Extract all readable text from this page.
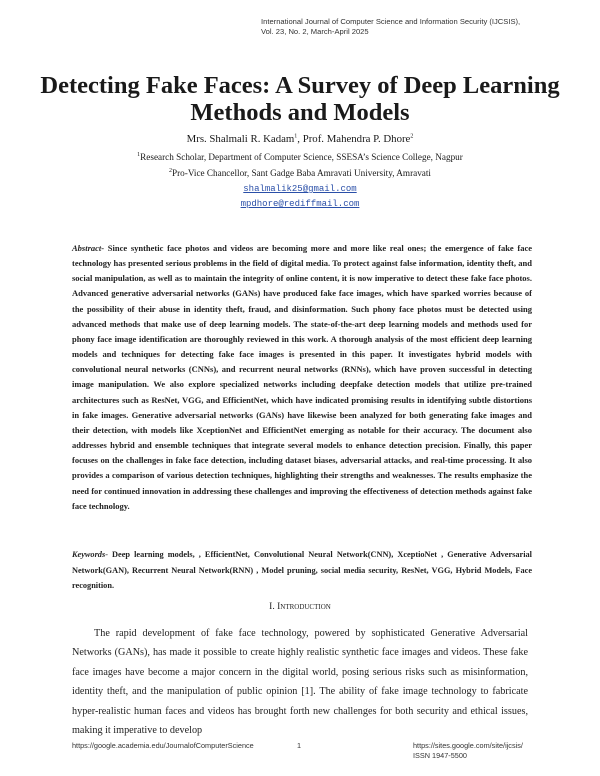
International Journal of Computer Science and Information Security (IJCSIS),
Vol. 23, No. 2, March-April 2025
Detecting Fake Faces: A Survey of Deep Learning Methods and Models
Mrs. Shalmali R. Kadam$^1$, Prof. Mahendra P. Dhore$^2$
$^1$Research Scholar, Department of Computer Science, SSESA’s Science College, Nagpur
$^2$Pro-Vice Chancellor, Sant Gadge Baba Amravati University, Amravati
shalmalik25@gmail.com
mpdhore@rediffmail.com
Abstract- Since synthetic face photos and videos are becoming more and more like real ones; the emergence of fake face technology has presented serious problems in the field of digital media. To protect against false information, identity theft, and social manipulation, as well as to maintain the integrity of online content, it is now imperative to detect these fake face photos. Advanced generative adversarial networks (GANs) have produced fake face images, which have sparked worries because of the possibility of their abuse in identity theft, fraud, and disinformation. Such phony face photos must be detected using advanced methods that make use of deep learning models. The state-of-the-art deep learning models and methods used for phony face image identification are thoroughly reviewed in this work. A thorough analysis of the most efficient deep learning models and techniques for detecting fake face images is presented in this paper. It investigates hybrid models with convolutional neural networks (CNNs), and recurrent neural networks (RNNs), which have proven successful in detecting image manipulation. We also explore specialized networks including deepfake detection models that utilize pre-trained architectures such as ResNet, VGG, and EfficientNet, which have indicated promising results in identifying subtle distortions in fake images. Generative adversarial networks (GANs) have likewise been analyzed for both generating fake images and their detection, with models like XceptionNet and EfficientNet emerging as notable for their accuracy. The document also addresses hybrid and ensemble techniques that integrate several models to enhance detection precision. Finally, this paper focuses on the challenges in fake face detection, including dataset biases, adversarial attacks, and real-time processing. It also provides a comparison of various detection techniques, highlighting their strengths and weaknesses. The results emphasize the need for continued innovation in addressing these challenges and improving the effectiveness of detection methods against fake face technology.
Keywords- Deep learning models, , EfficientNet, Convolutional Neural Network(CNN), XceptioNet , Generative Adversarial Network(GAN), Recurrent Neural Network(RNN) , Model pruning, social media security, ResNet, VGG, Hybrid Models, Face recognition.
I. Introduction
The rapid development of fake face technology, powered by sophisticated Generative Adversarial Networks (GANs), has made it possible to create highly realistic synthetic face images and videos. These fake face images have become a major concern in the digital world, posing serious risks such as misinformation, identity theft, and the manipulation of public opinion [1]. The ability of fake image technology to fabricate hyper-realistic human faces and videos has brought forth new challenges for both security and ethical issues, making it imperative to develop
https://google.academia.edu/JournalofComputerScience	1	https://sites.google.com/site/ijcsis/
ISSN 1947-5500
